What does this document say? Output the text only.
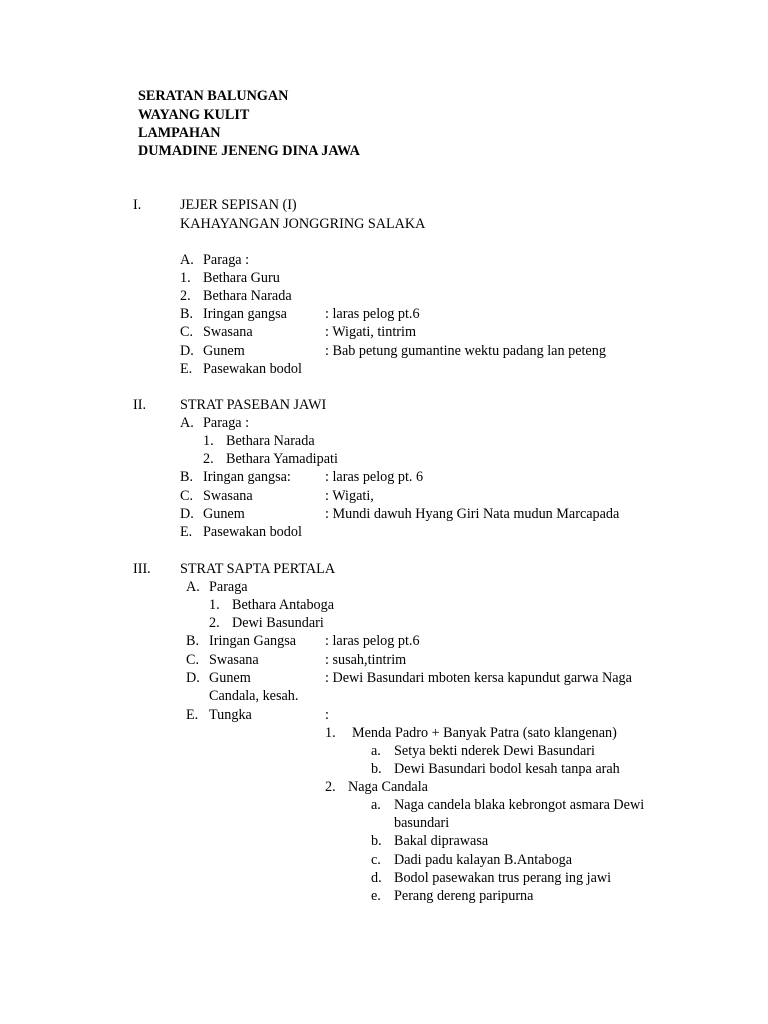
SERATAN BALUNGAN
WAYANG KULIT
LAMPAHAN
DUMADINE JENENG DINA JAWA
I.	JEJER SEPISAN (I)
KAHAYANGAN JONGGRING SALAKA
A. Paraga :
1. Bethara Guru
2. Bethara Narada
B. Iringan gangsa	: laras pelog pt.6
C. Swasana	: Wigati, tintrim
D. Gunem	: Bab petung gumantine wektu padang lan peteng
E. Pasewakan bodol
II. STRAT PASEBAN JAWI
A. Paraga :
1. Bethara Narada
2. Bethara Yamadipati
B. Iringan gangsa: : laras pelog pt. 6
C. Swasana	: Wigati,
D. Gunem	: Mundi dawuh Hyang Giri Nata mudun Marcapada
E. Pasewakan bodol
III. STRAT SAPTA PERTALA
A. Paraga
1. Bethara Antaboga
2. Dewi Basundari
B. Iringan Gangsa : laras pelog pt.6
C. Swasana	: susah,tintrim
D. Gunem	: Dewi Basundari mboten kersa kapundut garwa Naga
Candala, kesah.
E. Tungka	:
1. Menda Padro + Banyak Patra (sato klangenan)
a. Setya bekti nderek Dewi Basundari
b. Dewi Basundari bodol kesah tanpa arah
2. Naga Candala
a. Naga candela blaka kebrongot asmara Dewi
basundari
b. Bakal diprawasa
c. Dadi padu kalayan B.Antaboga
d. Bodol pasewakan trus perang ing jawi
e. Perang dereng paripurna
